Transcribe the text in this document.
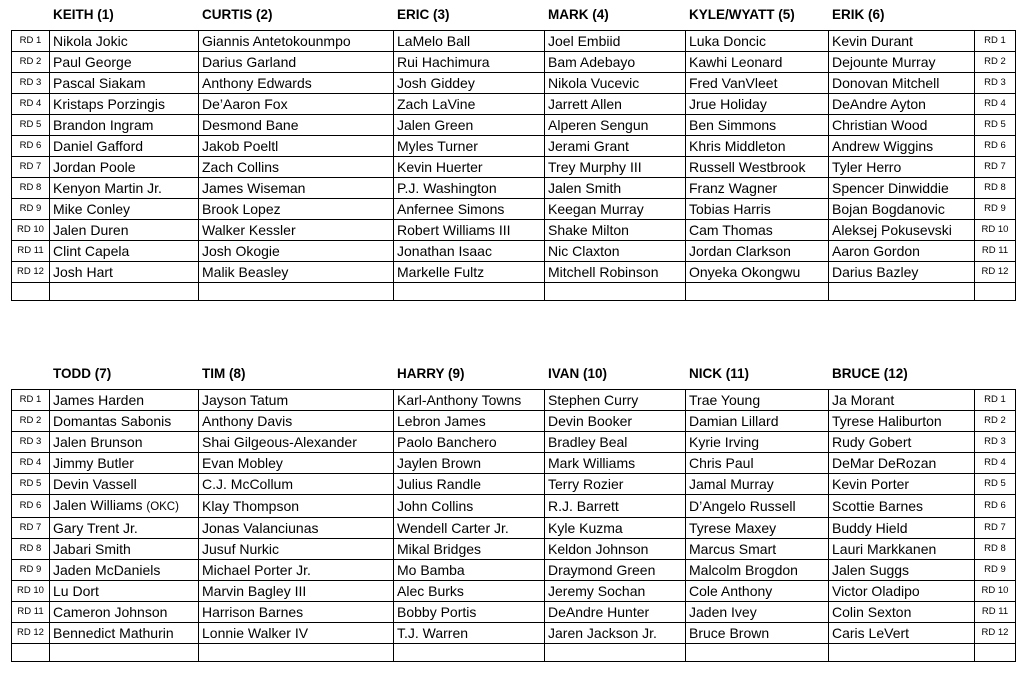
KEITH (1)	CURTIS (2)	ERIC (3)	MARK (4)	KYLE/WYATT (5)	ERIK (6)
RD 1	Nikola Jokic	Giannis Antetokounmpo	LaMelo Ball	Joel Embiid	Luka Doncic	Kevin Durant	RD 1
RD 2	Paul George	Darius Garland	Rui Hachimura	Bam Adebayo	Kawhi Leonard	Dejounte Murray	RD 2
RD 3	Pascal Siakam	Anthony Edwards	Josh Giddey	Nikola Vucevic	Fred VanVleet	Donovan Mitchell	RD 3
RD 4	Kristaps Porzingis	De’Aaron Fox	Zach LaVine	Jarrett Allen	Jrue Holiday	DeAndre Ayton	RD 4
RD 5	Brandon Ingram	Desmond Bane	Jalen Green	Alperen Sengun	Ben Simmons	Christian Wood	RD 5
RD 6	Daniel Gafford	Jakob Poeltl	Myles Turner	Jerami Grant	Khris Middleton	Andrew Wiggins	RD 6
RD 7	Jordan Poole	Zach Collins	Kevin Huerter	Trey Murphy III	Russell Westbrook	Tyler Herro	RD 7
RD 8	Kenyon Martin Jr.	James Wiseman	P.J. Washington	Jalen Smith	Franz Wagner	Spencer Dinwiddie	RD 8
RD 9	Mike Conley	Brook Lopez	Anfernee Simons	Keegan Murray	Tobias Harris	Bojan Bogdanovic	RD 9
RD 10	Jalen Duren	Walker Kessler	Robert Williams III	Shake Milton	Cam Thomas	Aleksej Pokusevski	RD 10
RD 11	Clint Capela	Josh Okogie	Jonathan Isaac	Nic Claxton	Jordan Clarkson	Aaron Gordon	RD 11
RD 12	Josh Hart	Malik Beasley	Markelle Fultz	Mitchell Robinson	Onyeka Okongwu	Darius Bazley	RD 12

TODD (7)	TIM (8)	HARRY (9)	IVAN (10)	NICK (11)	BRUCE (12)
RD 1	James Harden	Jayson Tatum	Karl-Anthony Towns	Stephen Curry	Trae Young	Ja Morant	RD 1
RD 2	Domantas Sabonis	Anthony Davis	Lebron James	Devin Booker	Damian Lillard	Tyrese Haliburton	RD 2
RD 3	Jalen Brunson	Shai Gilgeous-Alexander	Paolo Banchero	Bradley Beal	Kyrie Irving	Rudy Gobert	RD 3
RD 4	Jimmy Butler	Evan Mobley	Jaylen Brown	Mark Williams	Chris Paul	DeMar DeRozan	RD 4
RD 5	Devin Vassell	C.J. McCollum	Julius Randle	Terry Rozier	Jamal Murray	Kevin Porter	RD 5
RD 6	Jalen Williams (OKC)	Klay Thompson	John Collins	R.J. Barrett	D’Angelo Russell	Scottie Barnes	RD 6
RD 7	Gary Trent Jr.	Jonas Valanciunas	Wendell Carter Jr.	Kyle Kuzma	Tyrese Maxey	Buddy Hield	RD 7
RD 8	Jabari Smith	Jusuf Nurkic	Mikal Bridges	Keldon Johnson	Marcus Smart	Lauri Markkanen	RD 8
RD 9	Jaden McDaniels	Michael Porter Jr.	Mo Bamba	Draymond Green	Malcolm Brogdon	Jalen Suggs	RD 9
RD 10	Lu Dort	Marvin Bagley III	Alec Burks	Jeremy Sochan	Cole Anthony	Victor Oladipo	RD 10
RD 11	Cameron Johnson	Harrison Barnes	Bobby Portis	DeAndre Hunter	Jaden Ivey	Colin Sexton	RD 11
RD 12	Bennedict Mathurin	Lonnie Walker IV	T.J. Warren	Jaren Jackson Jr.	Bruce Brown	Caris LeVert	RD 12
